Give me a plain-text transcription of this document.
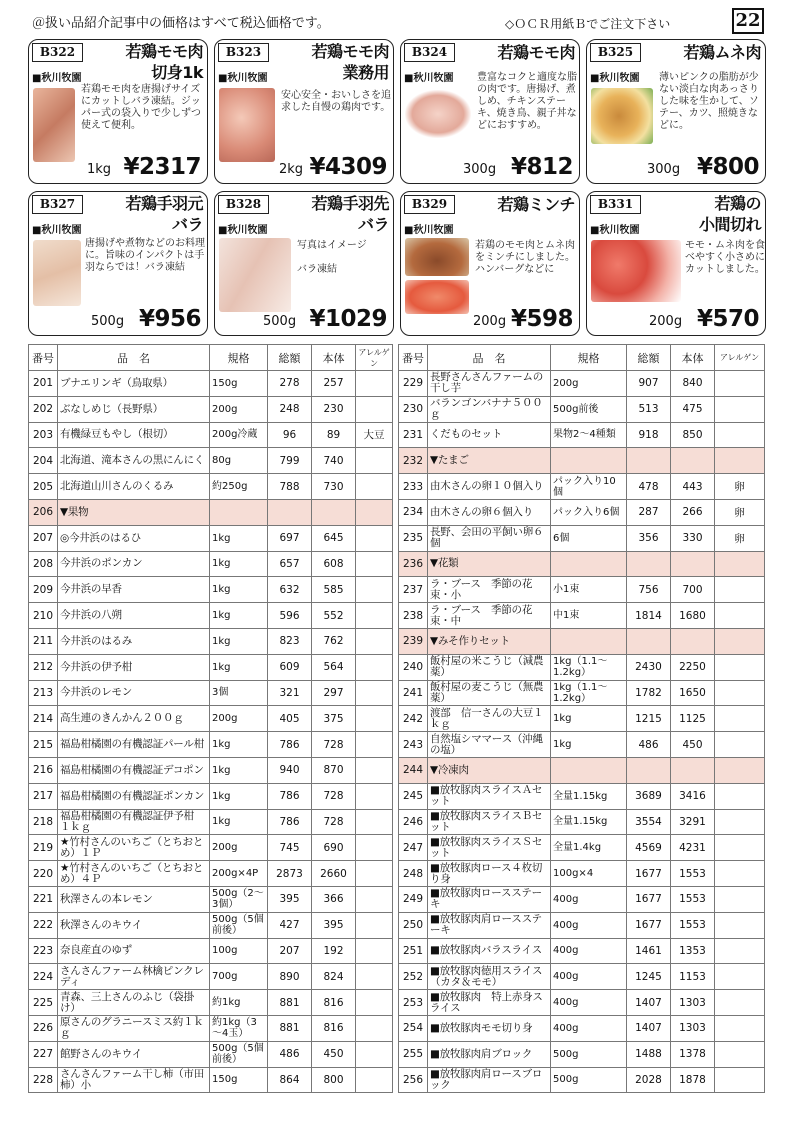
＠扱い品紹介記事中の価格はすべて税込価格です。	◇ＯＣＲ用紙Ｂでご注文下さい	22
B322	若鶏モモ肉
切身1k
■秋川牧園
若鶏モモ肉を唐揚げサイズにカットしバラ凍結。ジッパー式の袋入りで少しずつ使えて便利。
1kg ¥2317
B323	若鶏モモ肉
業務用
■秋川牧園
安心安全・おいしさを追求した自慢の鶏肉です。
2kg ¥4309
B324	若鶏モモ肉
■秋川牧園 豊富なコクと適度な脂の肉です。唐揚げ、煮しめ、チキンステーキ、焼き鳥、親子丼などにおすすめ。
300g ¥812
B325	若鶏ムネ肉
■秋川牧園 薄いピンクの脂肪が少ない淡白な肉あっさりした味を生かして、ソテー、カツ、照焼きなどに。
300g ¥800
B327	若鶏手羽元
バラ
■秋川牧園
唐揚げや煮物などのお料理に。旨味のインパクトは手羽ならでは！バラ凍結
500g ¥956
B328	若鶏手羽先
バラ
■秋川牧園
写真はイメージ

バラ凍結
500g ¥1029
B329	若鶏ミンチ
■秋川牧園
若鶏のモモ肉とムネ肉をミンチにしました。ハンバーグなどに
200g ¥598
B331	若鶏の
小間切れ
■秋川牧園
モモ・ムネ肉を食べやすく小さめにカットしました。
200g ¥570
番号	品　名	規格	総額	本体	アレルゲン
201	ブナエリンギ（鳥取県）	150g	278	257	
202	ぶなしめじ（長野県）	200g	248	230	
203	有機緑豆もやし（根切）	200g冷蔵	96	89	大豆
204	北海道、滝本さんの黒にんにく	80g	799	740	
205	北海道山川さんのくるみ	約250g	788	730	
206	▼果物				
207	◎今井浜のはるひ	1kg	697	645	
208	今井浜のポンカン	1kg	657	608	
209	今井浜の早香	1kg	632	585	
210	今井浜の八朔	1kg	596	552	
211	今井浜のはるみ	1kg	823	762	
212	今井浜の伊予柑	1kg	609	564	
213	今井浜のレモン	3個	321	297	
214	高生連のきんかん２００ｇ	200g	405	375	
215	福島柑橘園の有機認証パール柑	1kg	786	728	
216	福島柑橘園の有機認証デコポン	1kg	940	870	
217	福島柑橘園の有機認証ポンカン	1kg	786	728	
218	福島柑橘園の有機認証伊予柑　１ｋｇ	1kg	786	728	
219	★竹村さんのいちご（とちおとめ）１Ｐ	200g	745	690	
220	★竹村さんのいちご（とちおとめ）４Ｐ	200g×4P	2873	2660	
221	秋澤さんの本レモン	500g（2～3個）	395	366	
222	秋澤さんのキウイ	500g（5個前後）	427	395	
223	奈良産直のゆず	100g	207	192	
224	さんさんファーム林檎ピンクレディ	700g	890	824	
225	青森、三上さんのふじ（袋掛け）	約1kg	881	816	
226	原さんのグラニースミス約１ｋｇ	約1kg（3～4玉）	881	816	
227	館野さんのキウイ	500g（5個前後）	486	450	
228	さんさんファーム干し柿（市田柿）小	150g	864	800	
番号	品　名	規格	総額	本体	アレルゲン
229	長野さんさんファームの干し芋	200g	907	840	
230	バランゴンバナナ５００ｇ	500g前後	513	475	
231	くだものセット	果物2～4種類	918	850	
232	▼たまご				
233	由木さんの卵１０個入り	パック入り10個	478	443	卵
234	由木さんの卵６個入り	パック入り6個	287	266	卵
235	長野、会田の平飼い卵６個	6個	356	330	卵
236	▼花類				
237	ラ・ブース　季節の花束・小	小1束	756	700	
238	ラ・ブース　季節の花束・中	中1束	1814	1680	
239	▼みそ作りセット				
240	飯村屋の米こうじ（減農薬）	1kg（1.1～1.2kg）	2430	2250	
241	飯村屋の麦こうじ（無農薬）	1kg（1.1～1.2kg）	1782	1650	
242	渡部　信一さんの大豆１ｋｇ	1kg	1215	1125	
243	自然塩シママース（沖縄の塩）	1kg	486	450	
244	▼冷凍肉				
245	■放牧豚肉スライスＡセット	全量1.15kg	3689	3416	
246	■放牧豚肉スライスＢセット	全量1.15kg	3554	3291	
247	■放牧豚肉スライスＳセット	全量1.4kg	4569	4231	
248	■放牧豚肉ロース４枚切り身	100g×4	1677	1553	
249	■放牧豚肉ロースステーキ	400g	1677	1553	
250	■放牧豚肉肩ロースステーキ	400g	1677	1553	
251	■放牧豚肉バラスライス	400g	1461	1353	
252	■放牧豚肉徳用スライス（カタ＆モモ）	400g	1245	1153	
253	■放牧豚肉　特上赤身スライス	400g	1407	1303	
254	■放牧豚肉モモ切り身	400g	1407	1303	
255	■放牧豚肉肩ブロック	500g	1488	1378	
256	■放牧豚肉肩ロースブロック	500g	2028	1878	
